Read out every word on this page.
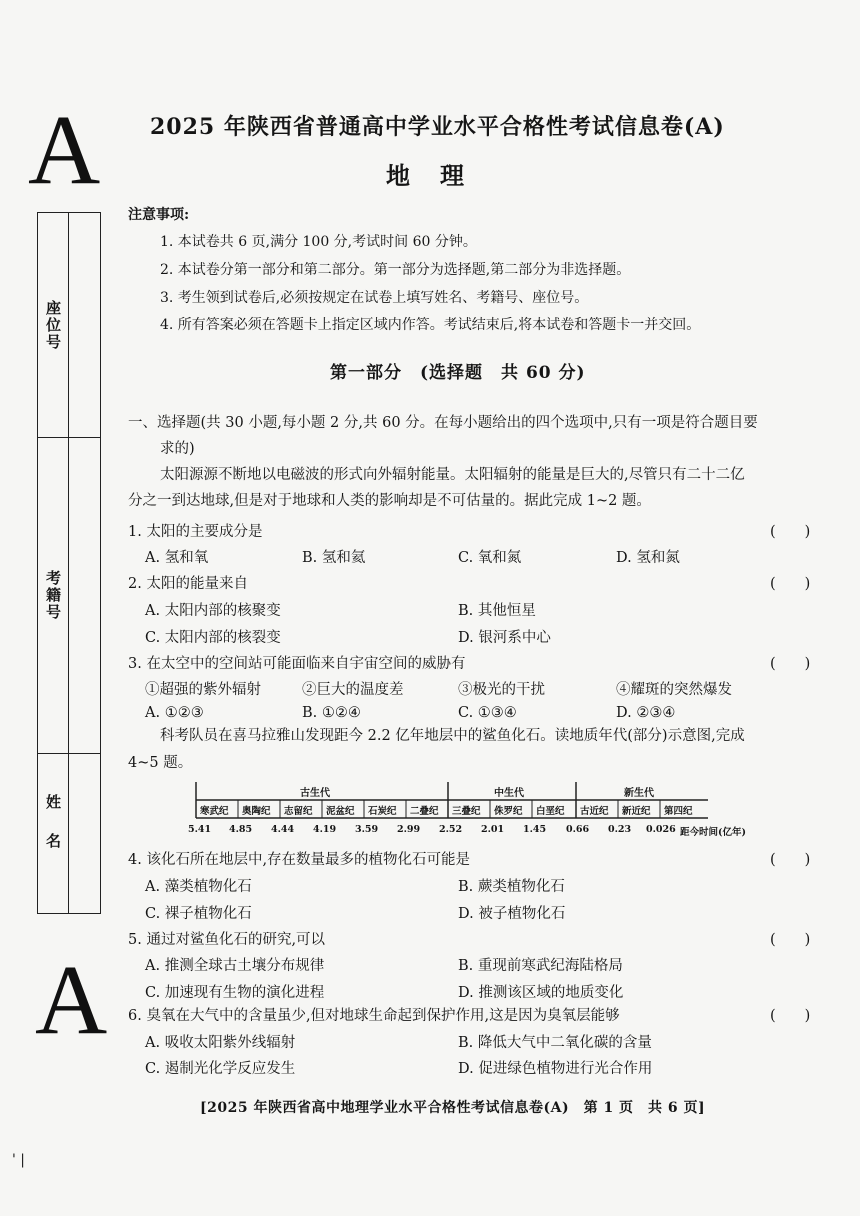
A
A
2025 年陕西省普通高中学业水平合格性考试信息卷(A)
地理
座位号
考籍号
姓名
注意事项:
1. 本试卷共 6 页,满分 100 分,考试时间 60 分钟。
2. 本试卷分第一部分和第二部分。第一部分为选择题,第二部分为非选择题。
3. 考生领到试卷后,必须按规定在试卷上填写姓名、考籍号、座位号。
4. 所有答案必须在答题卡上指定区域内作答。考试结束后,将本试卷和答题卡一并交回。
第一部分　(选择题　共 60 分)
一、选择题(共 30 小题,每小题 2 分,共 60 分。在每小题给出的四个选项中,只有一项是符合题目要
求的)
太阳源源不断地以电磁波的形式向外辐射能量。太阳辐射的能量是巨大的,尽管只有二十二亿
分之一到达地球,但是对于地球和人类的影响却是不可估量的。据此完成 1~2 题。
1. 太阳的主要成分是	(　　)
A. 氢和氧	B. 氢和氦	C. 氧和氮	D. 氢和氮
2. 太阳的能量来自	(　　)
A. 太阳内部的核聚变	B. 其他恒星
C. 太阳内部的核裂变	D. 银河系中心
3. 在太空中的空间站可能面临来自宇宙空间的威胁有	(　　)
①超强的紫外辐射	②巨大的温度差	③极光的干扰	④耀斑的突然爆发
A. ①②③	B. ①②④	C. ①③④	D. ②③④
科考队员在喜马拉雅山发现距今 2.2 亿年地层中的鲨鱼化石。读地质年代(部分)示意图,完成
4~5 题。
古生代	中生代	新生代
寒武纪 奥陶纪 志留纪 泥盆纪 石炭纪 二叠纪 三叠纪 侏罗纪 白垩纪 古近纪 新近纪 第四纪
5.41 4.85 4.44 4.19 3.59 2.99 2.52 2.01 1.45 0.66 0.23 0.026 距今时间(亿年)
4. 该化石所在地层中,存在数量最多的植物化石可能是	(　　)
A. 藻类植物化石	B. 蕨类植物化石
C. 裸子植物化石	D. 被子植物化石
5. 通过对鲨鱼化石的研究,可以	(　　)
A. 推测全球古土壤分布规律	B. 重现前寒武纪海陆格局
C. 加速现有生物的演化进程	D. 推测该区域的地质变化
6. 臭氧在大气中的含量虽少,但对地球生命起到保护作用,这是因为臭氧层能够	(　　)
A. 吸收太阳紫外线辐射	B. 降低大气中二氧化碳的含量
C. 遏制光化学反应发生	D. 促进绿色植物进行光合作用
[2025 年陕西省高中地理学业水平合格性考试信息卷(A)　第 1 页　共 6 页]
' |
